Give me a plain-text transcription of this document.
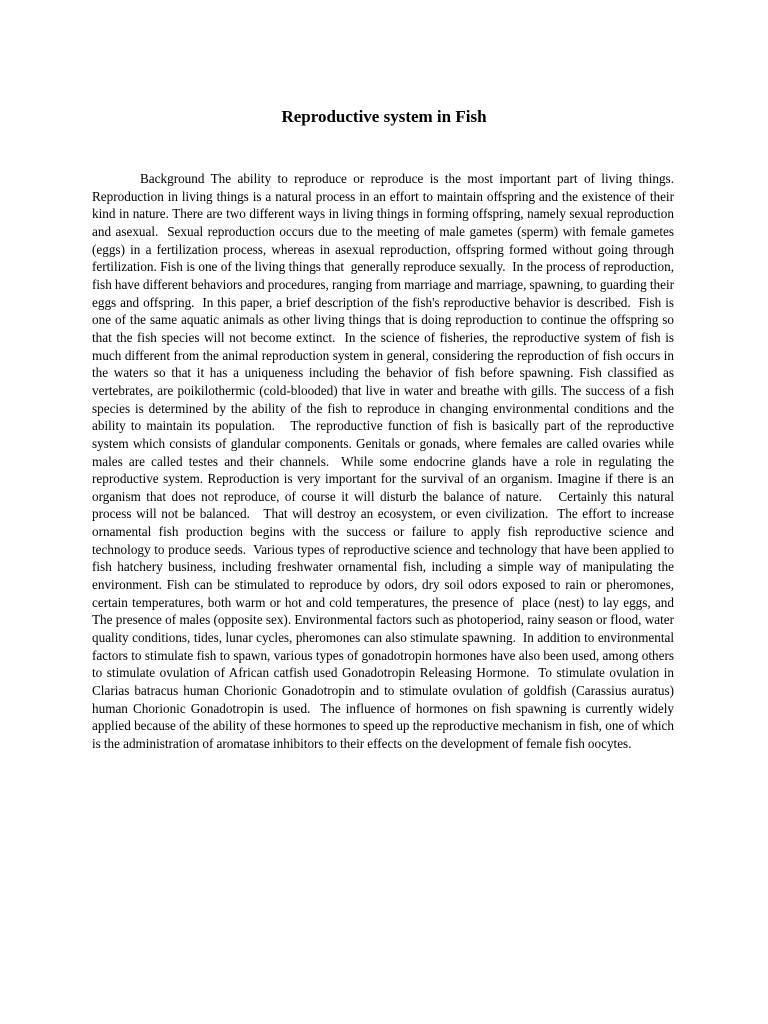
Reproductive system in Fish

Background The ability to reproduce or reproduce is the most important part of living things.  Reproduction in living things is a natural process in an effort to maintain offspring and the existence of their kind in nature. There are two different ways in living things in forming offspring, namely sexual reproduction and asexual.  Sexual reproduction occurs due to the meeting of male gametes (sperm) with female gametes (eggs) in a fertilization process, whereas in asexual reproduction, offspring formed without going through fertilization. Fish is one of the living things that  generally reproduce sexually.  In the process of reproduction, fish have different behaviors and procedures, ranging from marriage and marriage, spawning, to guarding their eggs and offspring.  In this paper, a brief description of the fish's reproductive behavior is described.  Fish is one of the same aquatic animals as other living things that is doing reproduction to continue the offspring so that the fish species will not become extinct.  In the science of fisheries, the reproductive system of fish is much different from the animal reproduction system in general, considering the reproduction of fish occurs in the waters so that it has a uniqueness including the behavior of fish before spawning. Fish classified as vertebrates, are poikilothermic (cold-blooded) that live in water and breathe with gills. The success of a fish species is determined by the ability of the fish to reproduce in changing environmental conditions and the ability to maintain its population.   The reproductive function of fish is basically part of the reproductive system which consists of glandular components. Genitals or gonads, where females are called ovaries while males are called testes and their channels.  While some endocrine glands have a role in regulating the reproductive system. Reproduction is very important for the survival of an organism. Imagine if there is an organism that does not reproduce, of course it will disturb the balance of nature.   Certainly this natural process will not be balanced.   That will destroy an ecosystem, or even civilization.  The effort to increase ornamental fish production begins with the success or failure to apply fish reproductive science and technology to produce seeds.  Various types of reproductive science and technology that have been applied to fish hatchery business, including freshwater ornamental fish, including a simple way of manipulating the environment. Fish can be stimulated to reproduce by odors, dry soil odors exposed to rain or pheromones, certain temperatures, both warm or hot and cold temperatures, the presence of  place (nest) to lay eggs, and The presence of males (opposite sex). Environmental factors such as photoperiod, rainy season or flood, water quality conditions, tides, lunar cycles, pheromones can also stimulate spawning.  In addition to environmental factors to stimulate fish to spawn, various types of gonadotropin hormones have also been used, among others to stimulate ovulation of African catfish used Gonadotropin Releasing Hormone.  To stimulate ovulation in Clarias batracus human Chorionic Gonadotropin and to stimulate ovulation of goldfish (Carassius auratus) human Chorionic Gonadotropin is used.  The influence of hormones on fish spawning is currently widely applied because of the ability of these hormones to speed up the reproductive mechanism in fish, one of which is the administration of aromatase inhibitors to their effects on the development of female fish oocytes.
